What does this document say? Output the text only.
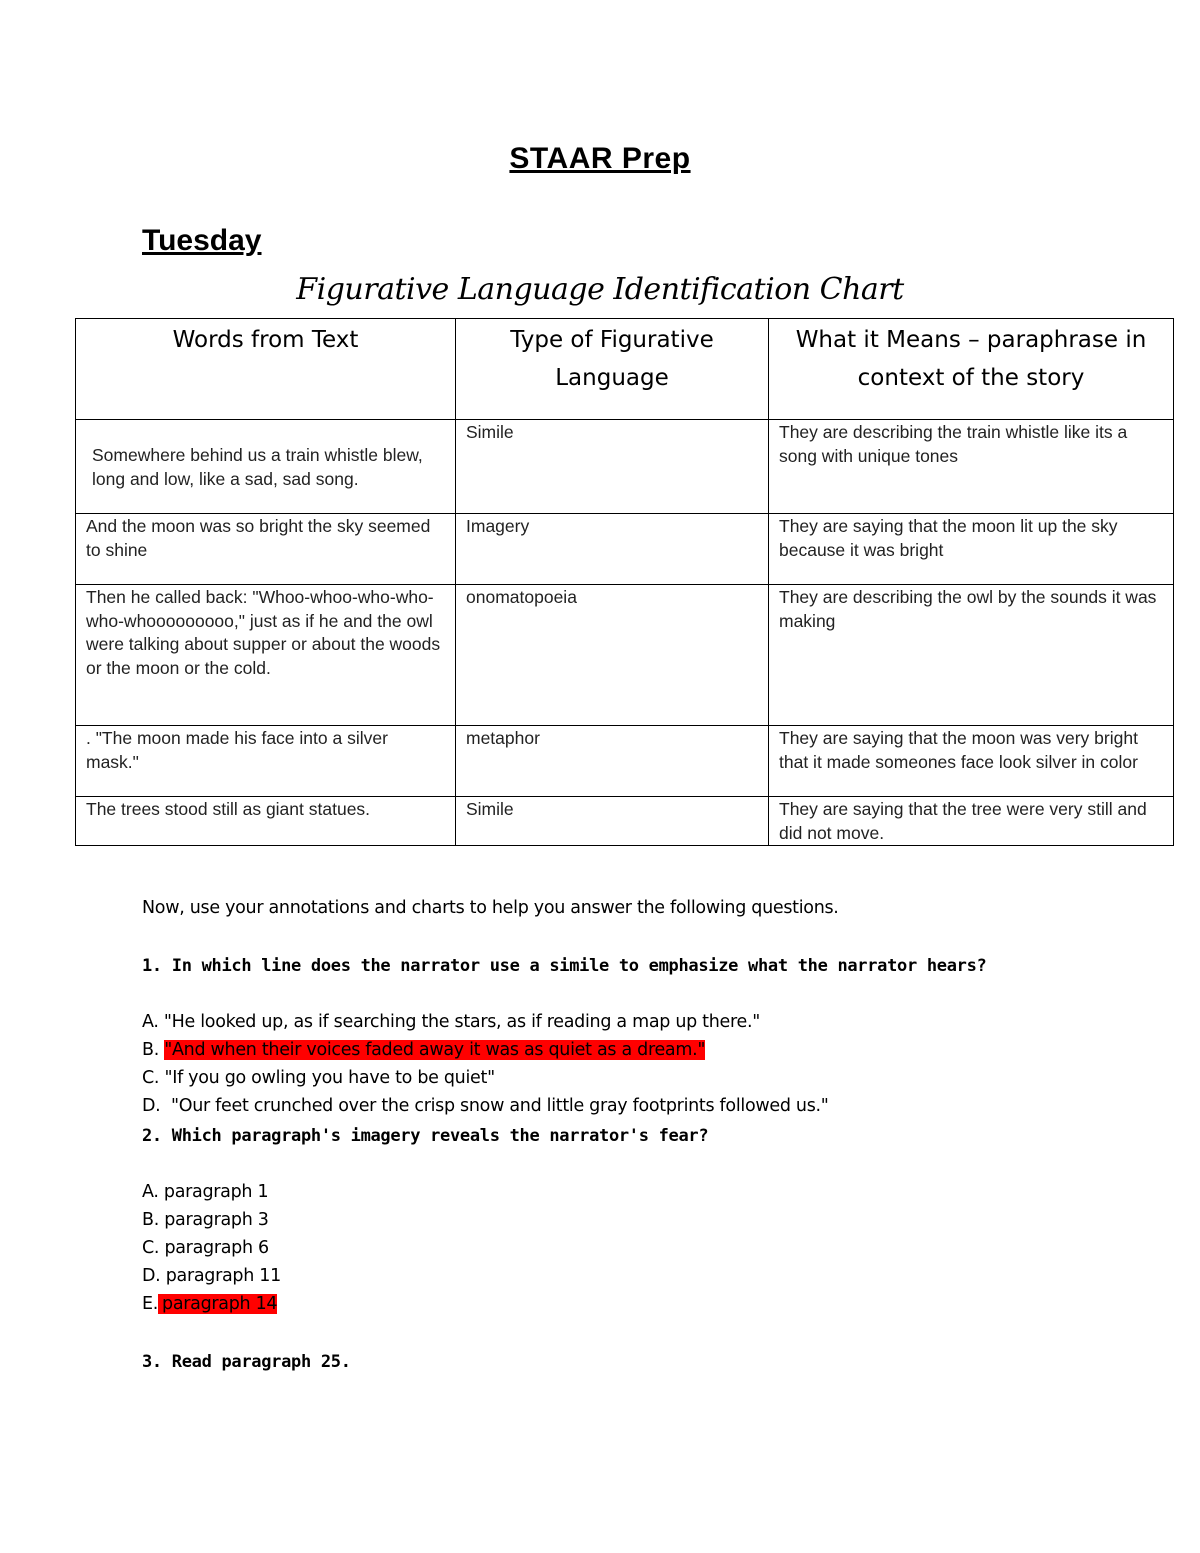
STAAR Prep
Tuesday
Figurative Language Identification Chart
Words from Text	Type of Figurative Language	What it Means – paraphrase in context of the story

Somewhere behind us a train whistle blew, long and low, like a sad, sad song.	Simile	They are describing the train whistle like its a song with unique tones
And the moon was so bright the sky seemed to shine	Imagery	They are saying that the moon lit up the sky because it was bright
Then he called back: "Whoo-whoo-who-who-who-whooooooooo," just as if he and the owl were talking about supper or about the woods or the moon or the cold.	onomatopoeia	They are describing the owl by the sounds it was making
. "The moon made his face into a silver mask."	metaphor	They are saying that the moon was very bright that it made someones face look silver in color
The trees stood still as giant statues.	Simile	They are saying that the tree were very still and did not move.
Now, use your annotations and charts to help you answer the following questions.
1. In which line does the narrator use a simile to emphasize what the narrator hears?
A. "He looked up, as if searching the stars, as if reading a map up there."
B. "And when their voices faded away it was as quiet as a dream."
C. "If you go owling you have to be quiet"
D. "Our feet crunched over the crisp snow and little gray footprints followed us."
2. Which paragraph's imagery reveals the narrator's fear?
A. paragraph 1
B. paragraph 3
C. paragraph 6
D. paragraph 11
E. paragraph 14
3. Read paragraph 25.
